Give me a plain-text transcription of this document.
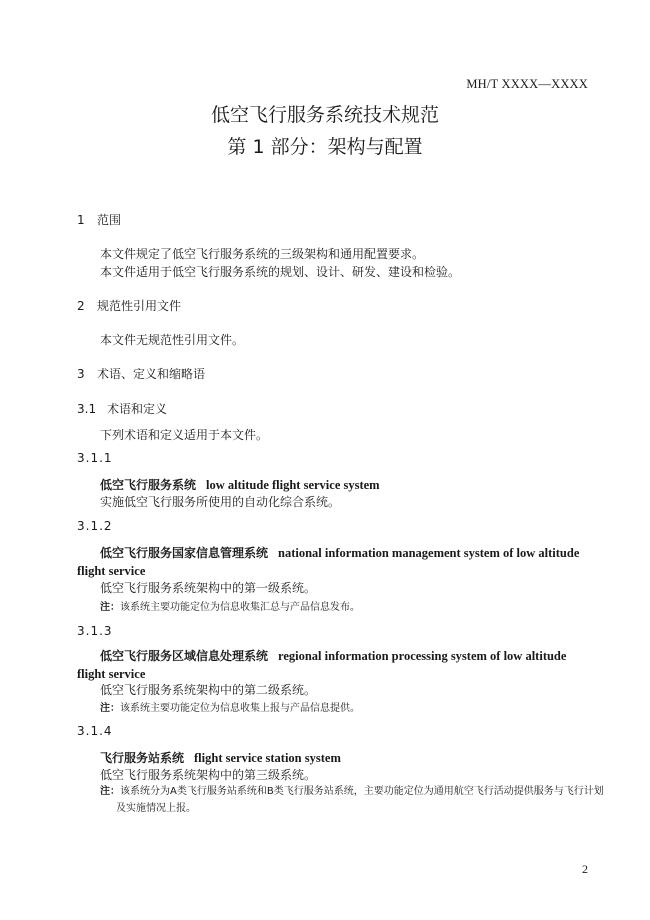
MH/T XXXX—XXXX
低空飞行服务系统技术规范
第 1 部分：架构与配置
1 范围
本文件规定了低空飞行服务系统的三级架构和通用配置要求。
本文件适用于低空飞行服务系统的规划、设计、研发、建设和检验。
2 规范性引用文件
本文件无规范性引用文件。
3 术语、定义和缩略语
3.1 术语和定义
下列术语和定义适用于本文件。
3.1.1
低空飞行服务系统 low altitude flight service system
实施低空飞行服务所使用的自动化综合系统。
3.1.2
低空飞行服务国家信息管理系统 national information management system of low altitude flight service
低空飞行服务系统架构中的第一级系统。
注：该系统主要功能定位为信息收集汇总与产品信息发布。
3.1.3
低空飞行服务区域信息处理系统 regional information processing system of low altitude flight service
低空飞行服务系统架构中的第二级系统。
注：该系统主要功能定位为信息收集上报与产品信息提供。
3.1.4
飞行服务站系统 flight service station system
低空飞行服务系统架构中的第三级系统。
注：该系统分为A类飞行服务站系统和B类飞行服务站系统，主要功能定位为通用航空飞行活动提供服务与飞行计划及实施情况上报。
2
